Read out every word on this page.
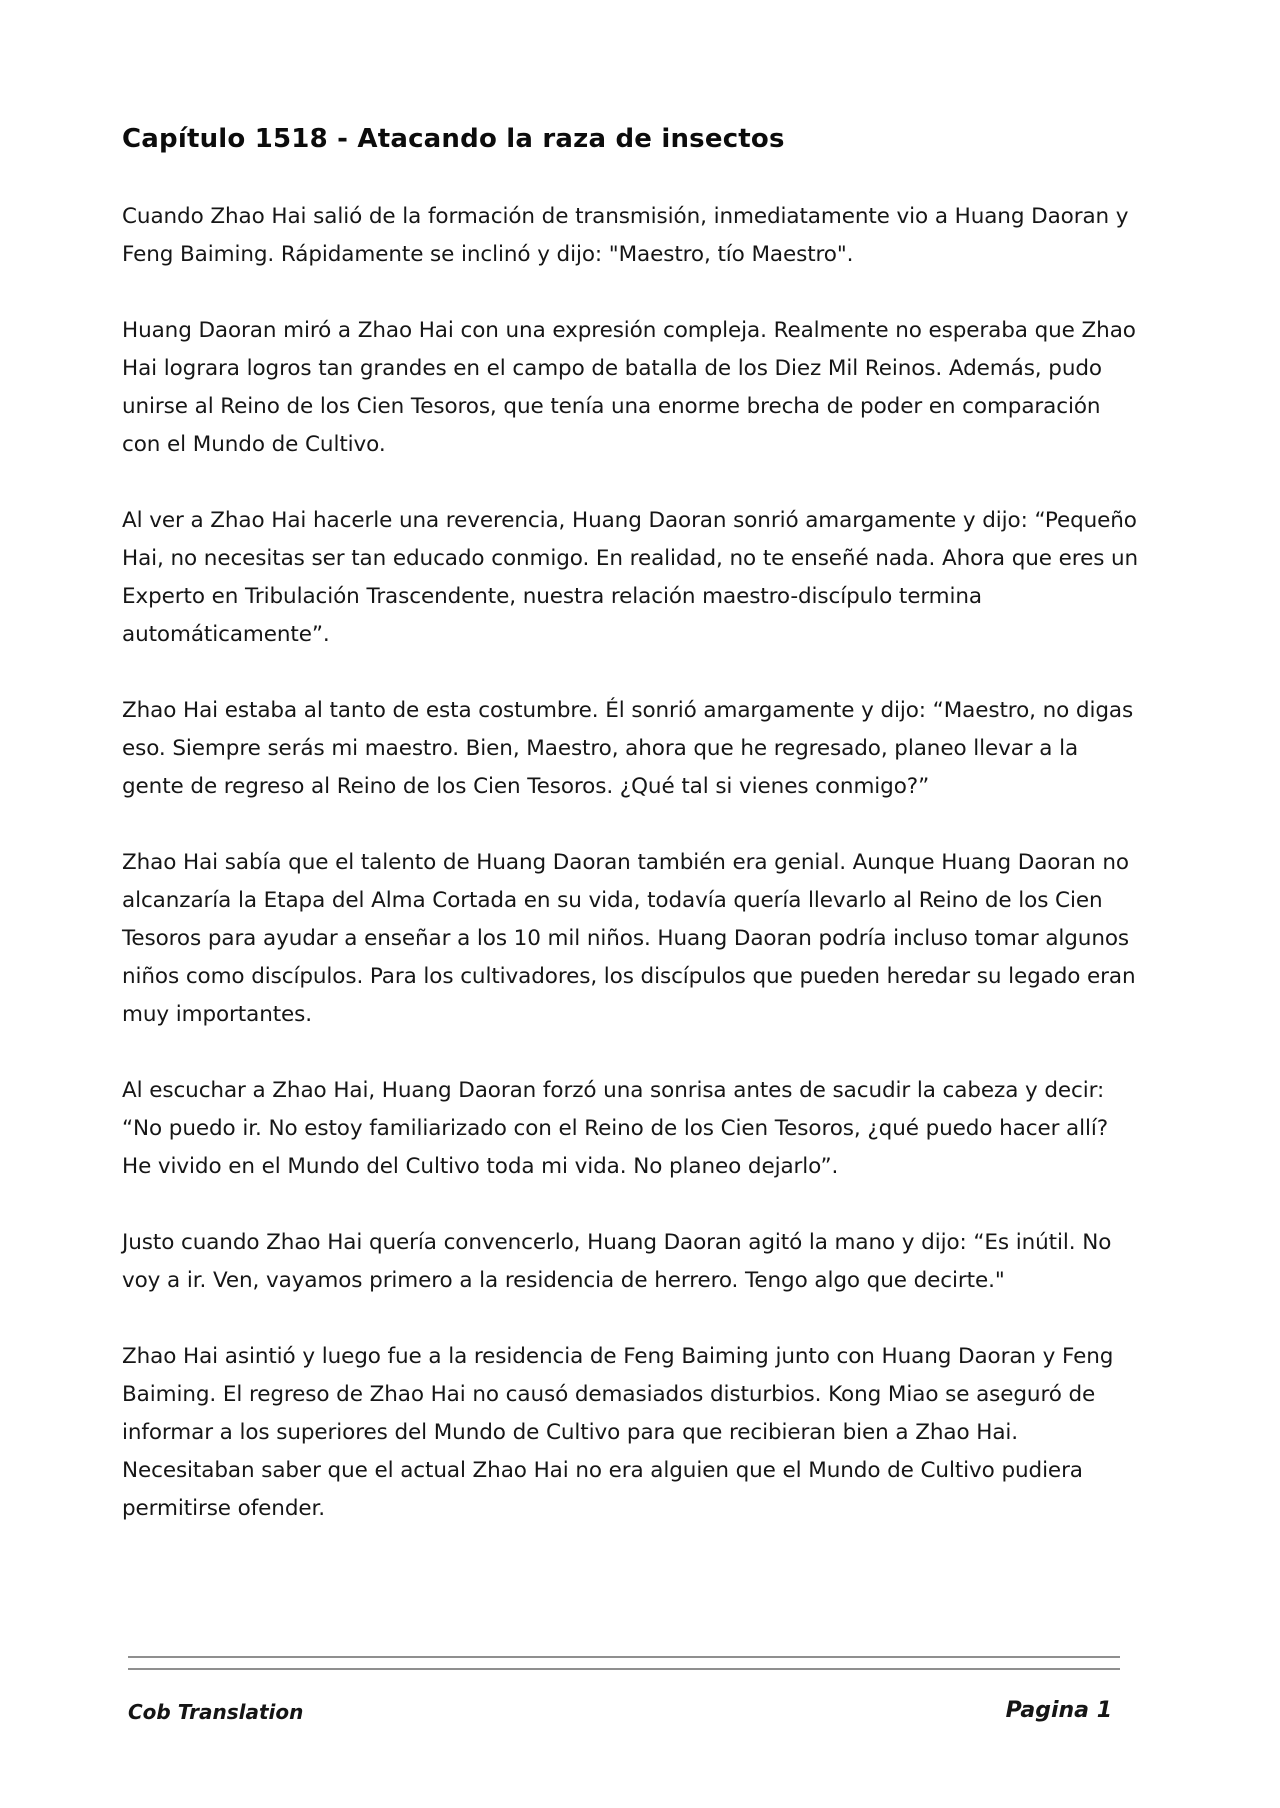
Capítulo 1518 - Atacando la raza de insectos

Cuando Zhao Hai salió de la formación de transmisión, inmediatamente vio a Huang Daoran y Feng Baiming. Rápidamente se inclinó y dijo: "Maestro, tío Maestro".

Huang Daoran miró a Zhao Hai con una expresión compleja. Realmente no esperaba que Zhao Hai lograra logros tan grandes en el campo de batalla de los Diez Mil Reinos. Además, pudo unirse al Reino de los Cien Tesoros, que tenía una enorme brecha de poder en comparación con el Mundo de Cultivo.

Al ver a Zhao Hai hacerle una reverencia, Huang Daoran sonrió amargamente y dijo: “Pequeño Hai, no necesitas ser tan educado conmigo. En realidad, no te enseñé nada. Ahora que eres un Experto en Tribulación Trascendente, nuestra relación maestro-discípulo termina automáticamente”.

Zhao Hai estaba al tanto de esta costumbre. Él sonrió amargamente y dijo: “Maestro, no digas eso. Siempre serás mi maestro. Bien, Maestro, ahora que he regresado, planeo llevar a la gente de regreso al Reino de los Cien Tesoros. ¿Qué tal si vienes conmigo?”

Zhao Hai sabía que el talento de Huang Daoran también era genial. Aunque Huang Daoran no alcanzaría la Etapa del Alma Cortada en su vida, todavía quería llevarlo al Reino de los Cien Tesoros para ayudar a enseñar a los 10 mil niños. Huang Daoran podría incluso tomar algunos niños como discípulos. Para los cultivadores, los discípulos que pueden heredar su legado eran muy importantes.

Al escuchar a Zhao Hai, Huang Daoran forzó una sonrisa antes de sacudir la cabeza y decir: “No puedo ir. No estoy familiarizado con el Reino de los Cien Tesoros, ¿qué puedo hacer allí? He vivido en el Mundo del Cultivo toda mi vida. No planeo dejarlo”.

Justo cuando Zhao Hai quería convencerlo, Huang Daoran agitó la mano y dijo: “Es inútil. No voy a ir. Ven, vayamos primero a la residencia de herrero. Tengo algo que decirte."

Zhao Hai asintió y luego fue a la residencia de Feng Baiming junto con Huang Daoran y Feng Baiming. El regreso de Zhao Hai no causó demasiados disturbios. Kong Miao se aseguró de informar a los superiores del Mundo de Cultivo para que recibieran bien a Zhao Hai. Necesitaban saber que el actual Zhao Hai no era alguien que el Mundo de Cultivo pudiera permitirse ofender.

Cob Translation	Pagina 1
